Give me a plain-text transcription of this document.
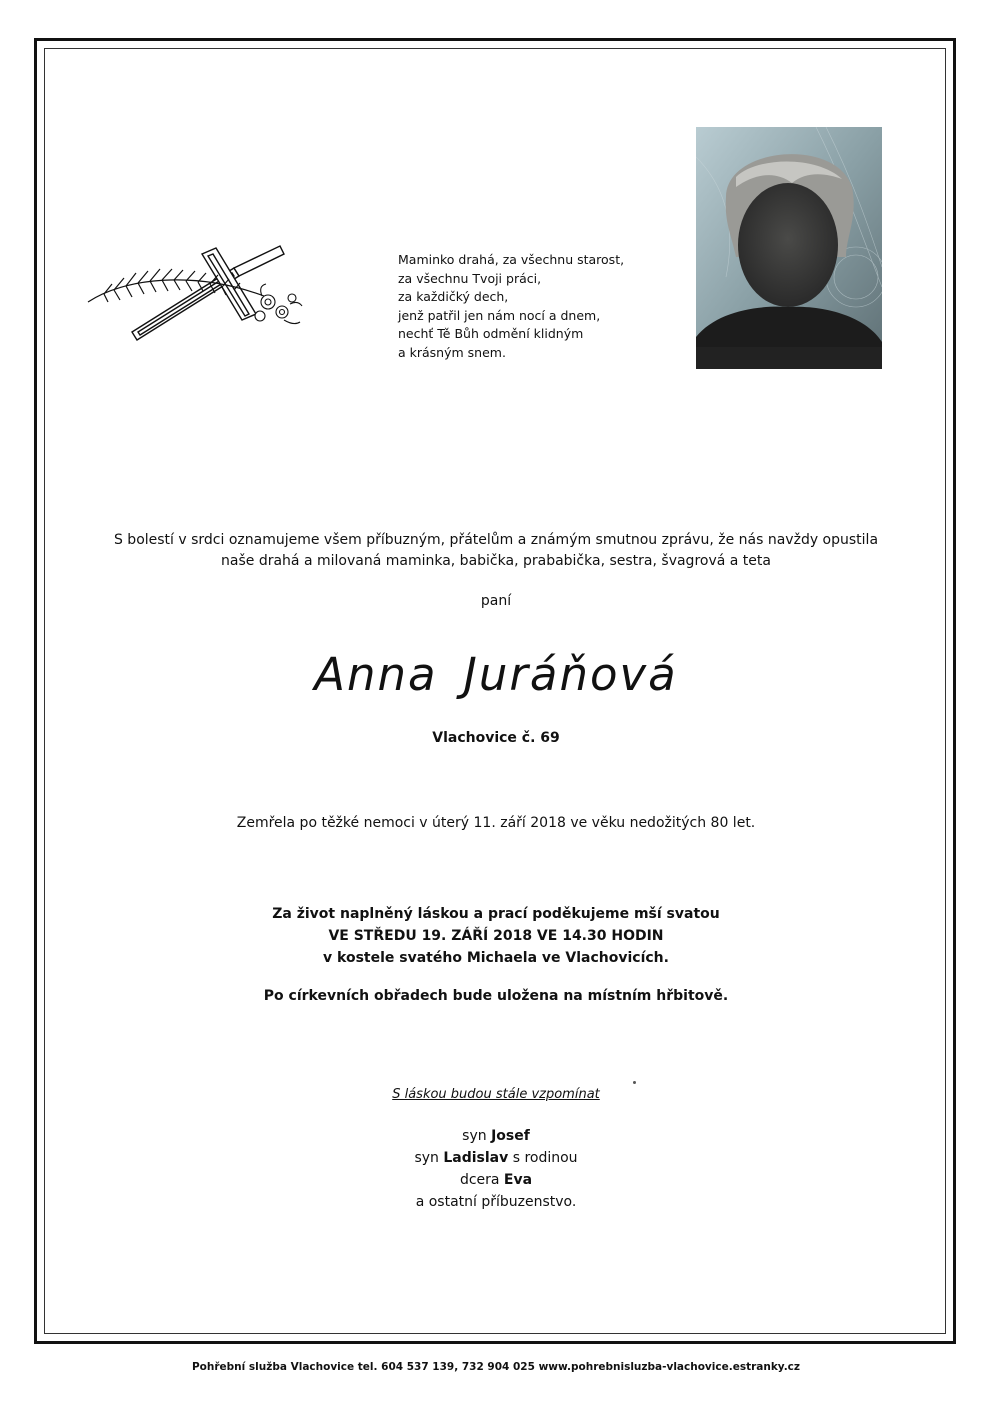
Maminko drahá, za všechnu starost,
za všechnu Tvoji práci,
za každičký dech,
jenž patřil jen nám nocí a dnem,
nechť Tě Bůh odmění klidným
a krásným snem.
S bolestí v srdci oznamujeme všem příbuzným, přátelům a známým smutnou zprávu, že nás navždy opustila
naše drahá a milovaná maminka, babička, prababička, sestra, švagrová a teta
paní
Anna Juráňová
Vlachovice č. 69
Zemřela po těžké nemoci v úterý 11. září 2018 ve věku nedožitých 80 let.
Za život naplněný láskou a prací poděkujeme mší svatou
VE STŘEDU 19. ZÁŘÍ 2018 VE 14.30 HODIN
v kostele svatého Michaela ve Vlachovicích.
Po církevních obřadech bude uložena na místním hřbitově.
S láskou budou stále vzpomínat
syn Josef
syn Ladislav s rodinou
dcera Eva
a ostatní příbuzenstvo.
Pohřební služba Vlachovice tel. 604 537 139, 732 904 025 www.pohrebnisluzba-vlachovice.estranky.cz
